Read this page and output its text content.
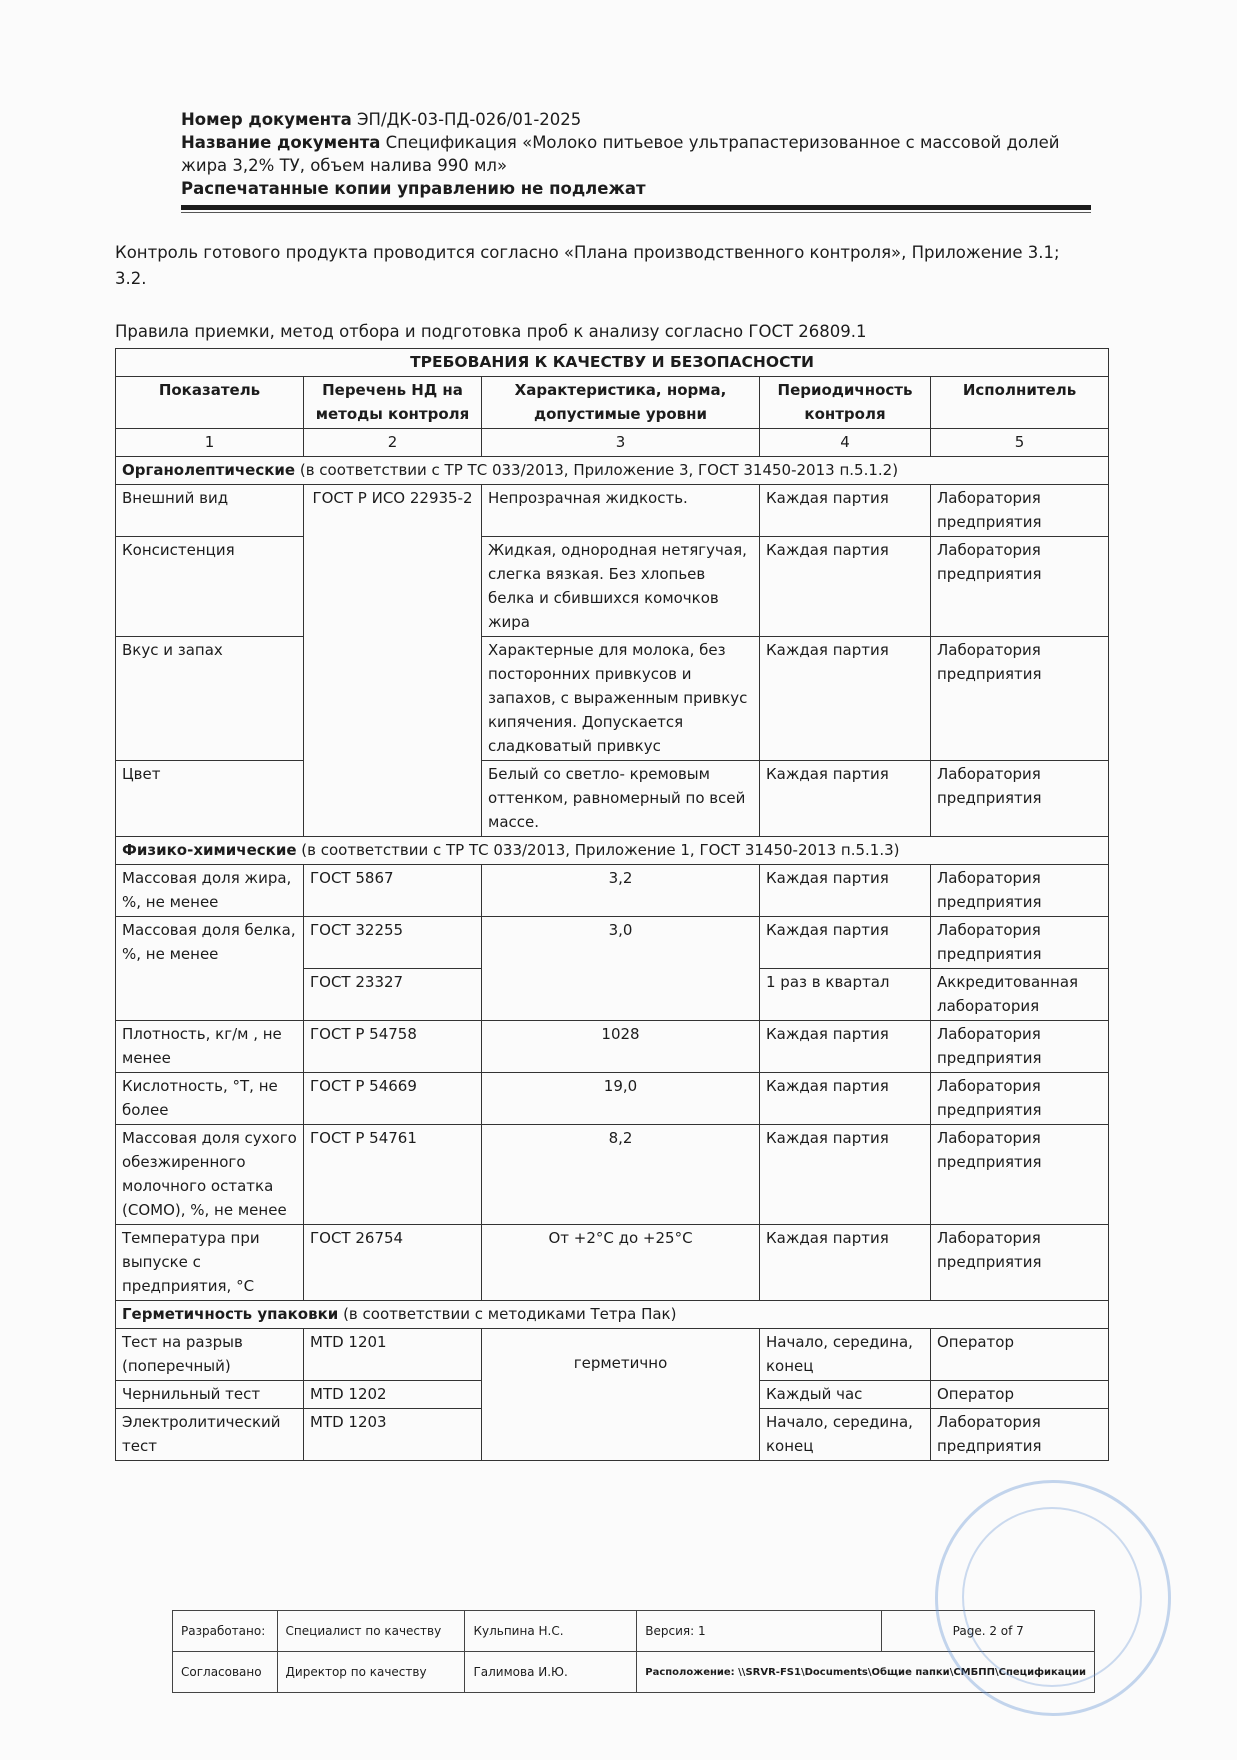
Номер документа ЭП/ДК-03-ПД-026/01-2025
Название документа Спецификация «Молоко питьевое ультрапастеризованное с массовой долей жира 3,2% ТУ, объем налива 990 мл»
Распечатанные копии управлению не подлежат
Контроль готового продукта проводится согласно «Плана производственного контроля», Приложение 3.1; 3.2.
Правила приемки, метод отбора и подготовка проб к анализу согласно ГОСТ 26809.1
ТРЕБОВАНИЯ К КАЧЕСТВУ И БЕЗОПАСНОСТИ				
Показатель	Перечень НД на методы контроля	Характеристика, норма, допустимые уровни	Периодичность контроля	Исполнитель
1	2	3	4	5
Органолептические (в соответствии с ТР ТС 033/2013, Приложение 3, ГОСТ 31450-2013 п.5.1.2)				
Внешний вид	ГОСТ Р ИСО 22935-2	Непрозрачная жидкость.	Каждая партия	Лаборатория предприятия
Консистенция		Жидкая, однородная нетягучая, слегка вязкая. Без хлопьев белка и сбившихся комочков жира	Каждая партия	Лаборатория предприятия
Вкус и запах		Характерные для молока, без посторонних привкусов и запахов, с выраженным привкус кипячения. Допускается сладковатый привкус	Каждая партия	Лаборатория предприятия
Цвет		Белый со светло- кремовым оттенком, равномерный по всей массе.	Каждая партия	Лаборатория предприятия
Физико-химические (в соответствии с ТР ТС 033/2013, Приложение 1, ГОСТ 31450-2013 п.5.1.3)				
Массовая доля жира, %, не менее	ГОСТ 5867	3,2	Каждая партия	Лаборатория предприятия
Массовая доля белка, %, не менее	ГОСТ 32255	3,0	Каждая партия	Лаборатория предприятия
	ГОСТ 23327		1 раз в квартал	Аккредитованная лаборатория
Плотность, кг/м , не менее	ГОСТ Р 54758	1028	Каждая партия	Лаборатория предприятия
Кислотность, °Т, не более	ГОСТ Р 54669	19,0	Каждая партия	Лаборатория предприятия
Массовая доля сухого обезжиренного молочного остатка (СОМО), %, не менее	ГОСТ Р 54761	8,2	Каждая партия	Лаборатория предприятия
Температура при выпуске с предприятия, °С	ГОСТ 26754	От +2°С до +25°С	Каждая партия	Лаборатория предприятия
Герметичность упаковки (в соответствии с методиками Тетра Пак)				
Тест на разрыв (поперечный)	MTD 1201	герметично	Начало, середина, конец	Оператор
Чернильный тест	MTD 1202		Каждый час	Оператор
Электролитический тест	MTD 1203		Начало, середина, конец	Лаборатория предприятия
Разработано:	Специалист по качеству	Кульпина Н.С.	Версия: 1	Page. 2 of 7
Согласовано	Директор по качеству	Галимова И.Ю.	Расположение: \\SRVR-FS1\Documents\Общие папки\СМБПП\Спецификации	
